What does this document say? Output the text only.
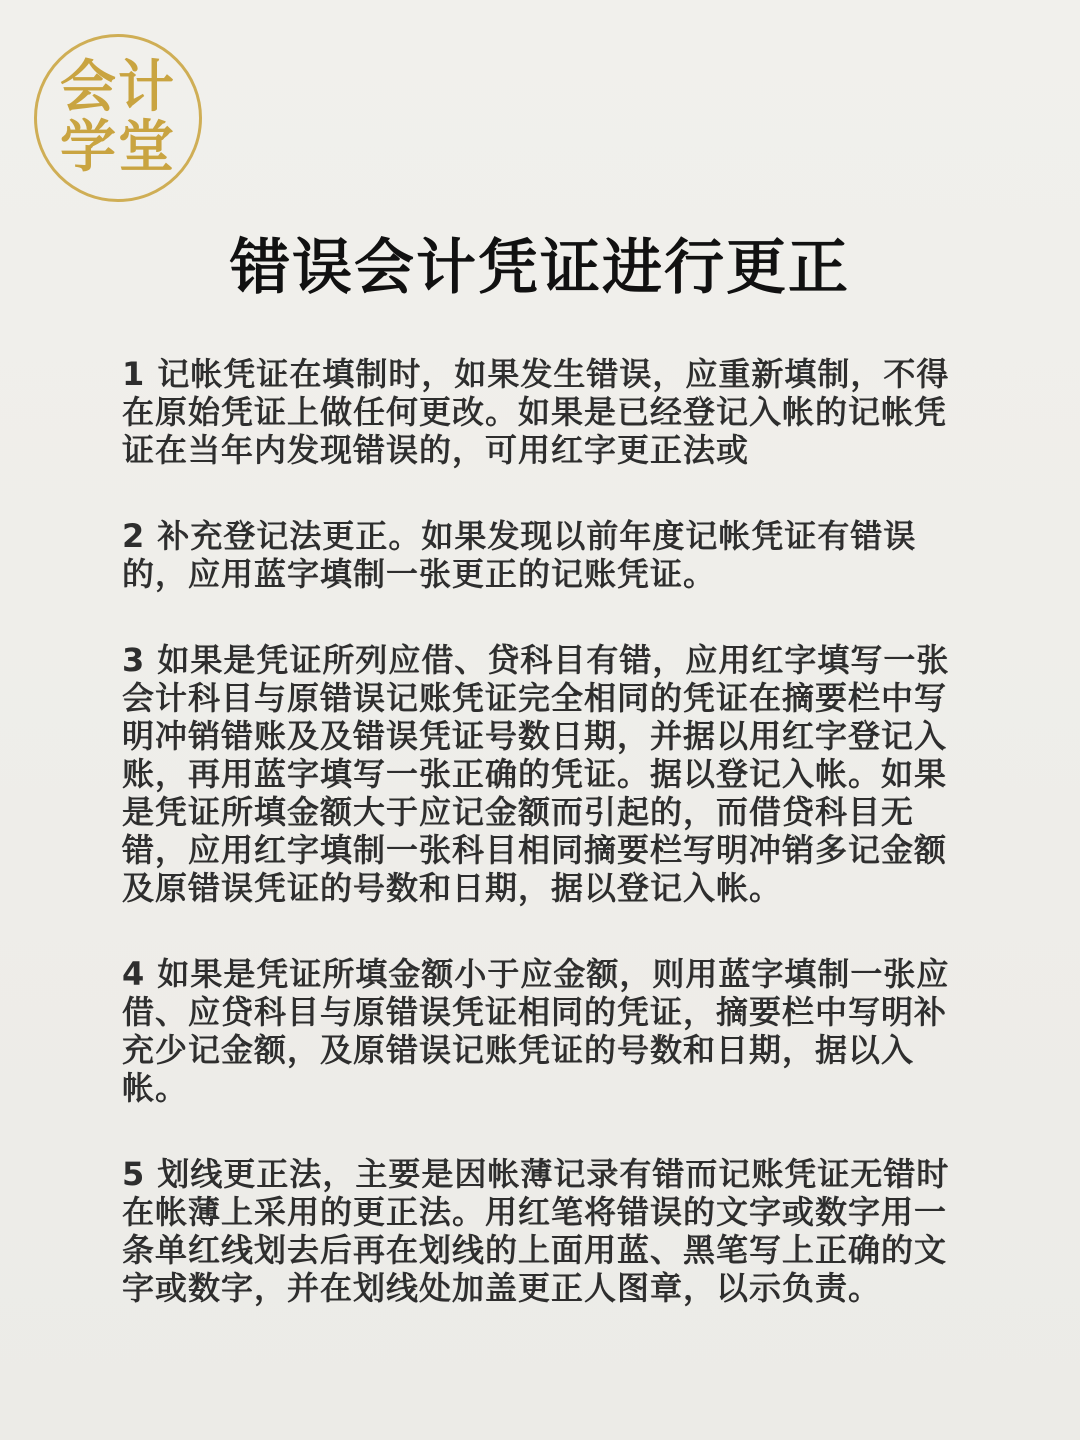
会计
学堂
错误会计凭证进行更正

1 记帐凭证在填制时，如果发生错误，应重新填制，不得在原始凭证上做任何更改。如果是已经登记入帐的记帐凭证在当年内发现错误的，可用红字更正法或

2 补充登记法更正。如果发现以前年度记帐凭证有错误的，应用蓝字填制一张更正的记账凭证。

3 如果是凭证所列应借、贷科目有错，应用红字填写一张会计科目与原错误记账凭证完全相同的凭证在摘要栏中写明冲销错账及及错误凭证号数日期，并据以用红字登记入账，再用蓝字填写一张正确的凭证。据以登记入帐。如果是凭证所填金额大于应记金额而引起的，而借贷科目无错，应用红字填制一张科目相同摘要栏写明冲销多记金额及原错误凭证的号数和日期，据以登记入帐。

4 如果是凭证所填金额小于应金额，则用蓝字填制一张应借、应贷科目与原错误凭证相同的凭证，摘要栏中写明补充少记金额，及原错误记账凭证的号数和日期，据以入帐。

5 划线更正法，主要是因帐薄记录有错而记账凭证无错时在帐薄上采用的更正法。用红笔将错误的文字或数字用一条单红线划去后再在划线的上面用蓝、黑笔写上正确的文字或数字，并在划线处加盖更正人图章，以示负责。
